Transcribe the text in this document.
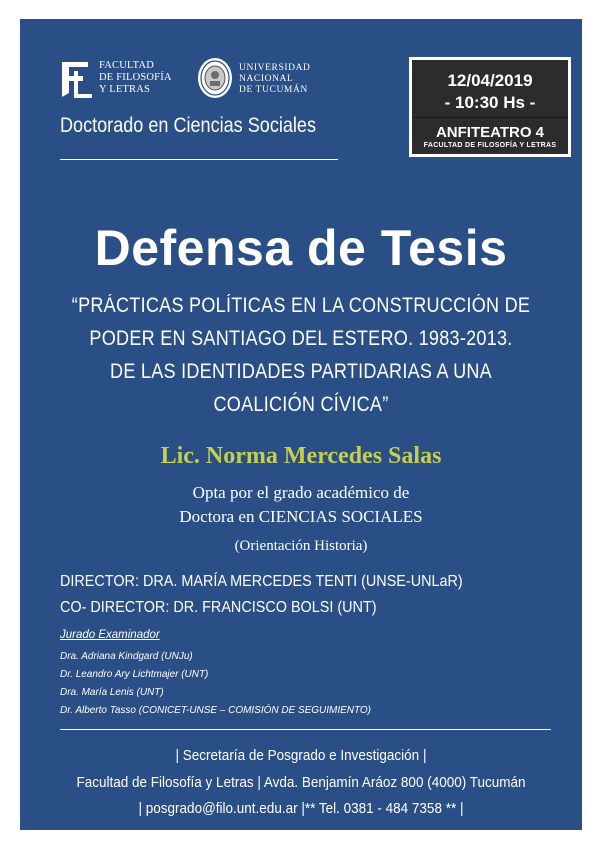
FACULTAD
DE FILOSOFÍA
Y LETRAS
UNIVERSIDAD
NACIONAL
DE TUCUMÁN
Doctorado en Ciencias Sociales
12/04/2019
- 10:30 Hs -
ANFITEATRO 4
FACULTAD DE FILOSOFÍA Y LETRAS
Defensa de Tesis
“PRÁCTICAS POLÍTICAS EN LA CONSTRUCCIÓN DE
PODER EN SANTIAGO DEL ESTERO. 1983-2013.
DE LAS IDENTIDADES PARTIDARIAS A UNA
COALICIÓN CÍVICA”
Lic. Norma Mercedes Salas
Opta por el grado académico de
Doctora en CIENCIAS SOCIALES
(Orientación Historia)
DIRECTOR: DRA. MARÍA MERCEDES TENTI (UNSE-UNLaR)
CO- DIRECTOR: DR. FRANCISCO BOLSI (UNT)
Jurado Examinador
Dra. Adriana Kindgard (UNJu)
Dr. Leandro Ary Lichtmajer (UNT)
Dra. María Lenis (UNT)
Dr. Alberto Tasso (CONICET-UNSE – COMISIÓN DE SEGUIMIENTO)
| Secretaría de Posgrado e Investigación |
Facultad de Filosofía y Letras | Avda. Benjamín Aráoz 800 (4000) Tucumán
| posgrado@filo.unt.edu.ar |** Tel. 0381 - 484 7358 ** |
